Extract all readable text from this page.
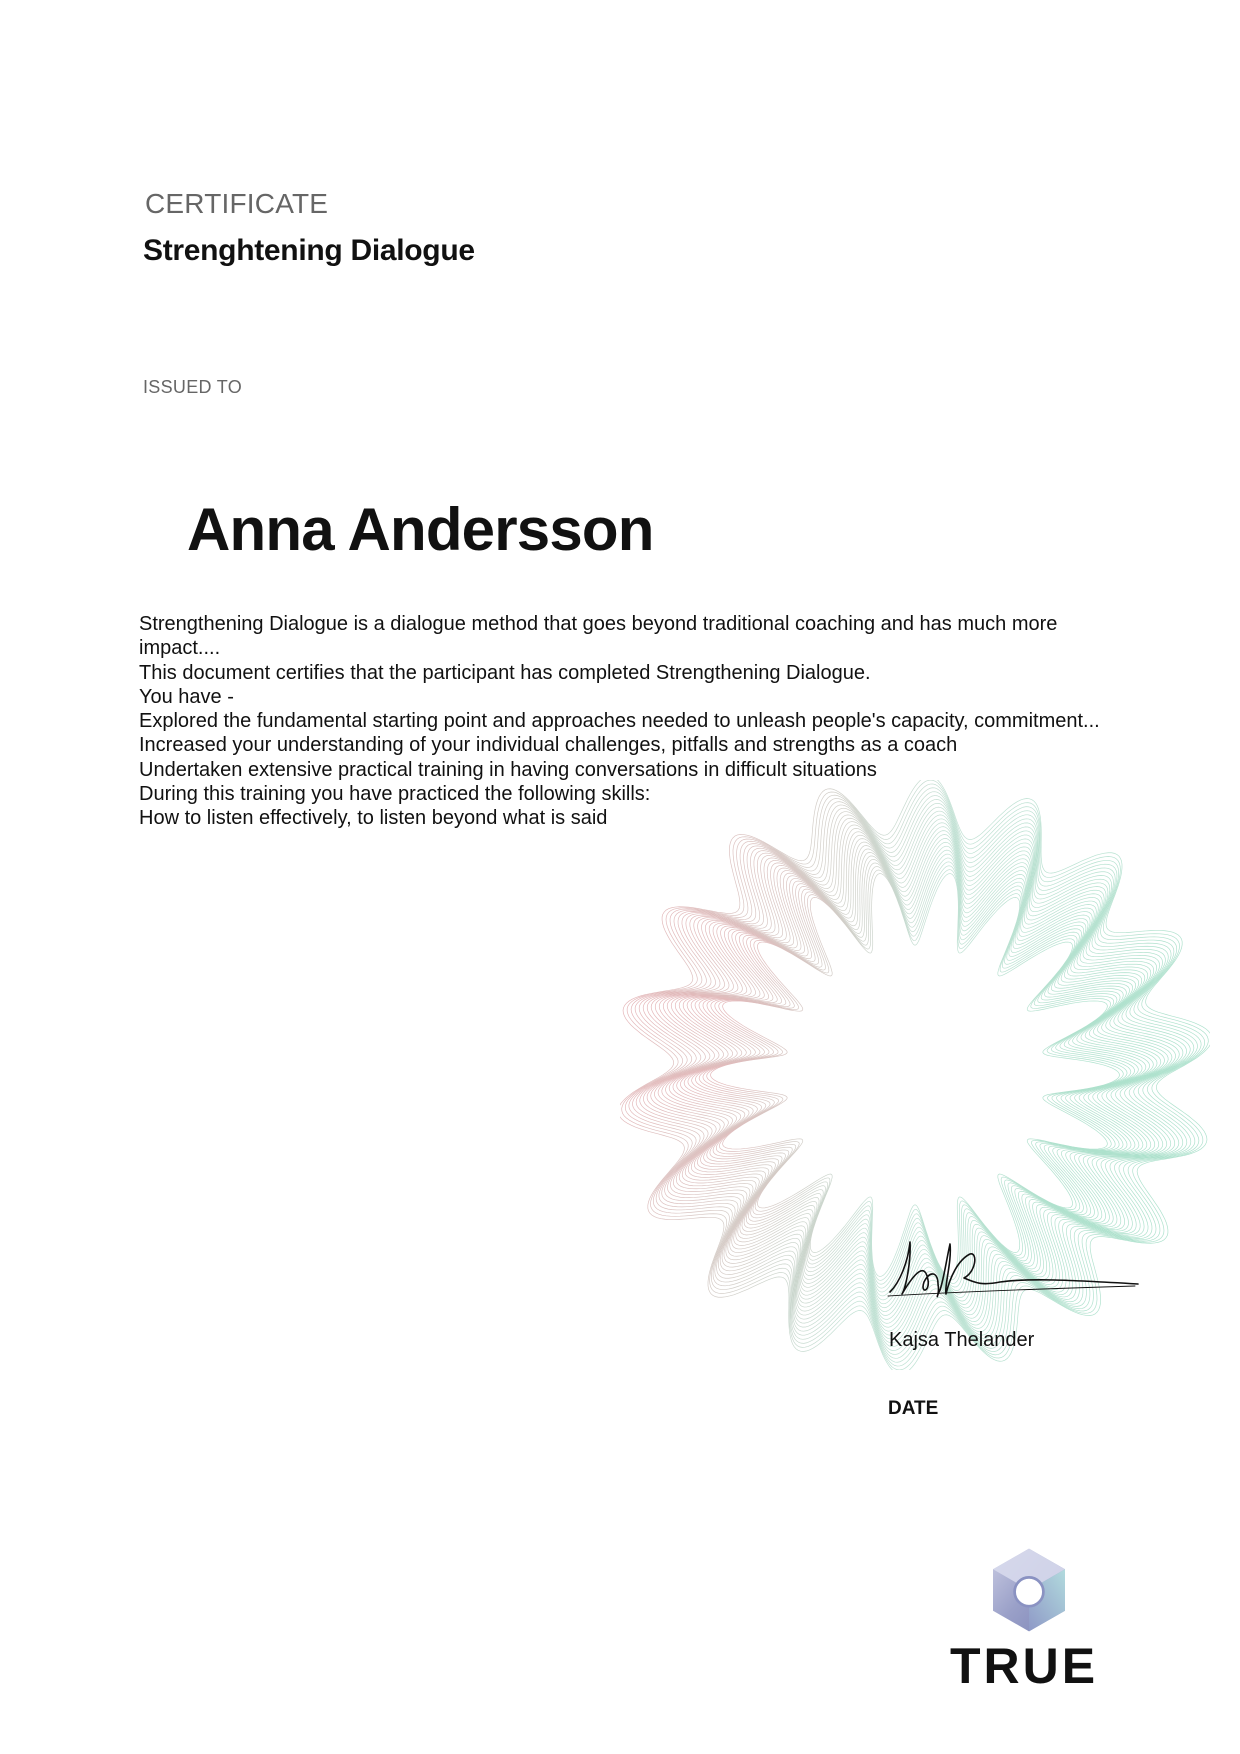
CERTIFICATE
Strenghtening Dialogue
ISSUED TO
Anna Andersson

Strengthening Dialogue is a dialogue method that goes beyond traditional coaching and has much more impact....

This document certifies that the participant has completed Strengthening Dialogue.

You have -

Explored the fundamental starting point and approaches needed to unleash people's capacity, commitment...

Increased your understanding of your individual challenges, pitfalls and strengths as a coach

Undertaken extensive practical training in having conversations in difficult situations

During this training you have practiced the following skills:

How to listen effectively, to listen beyond what is said

Kajsa Thelander
DATE
TRUE
